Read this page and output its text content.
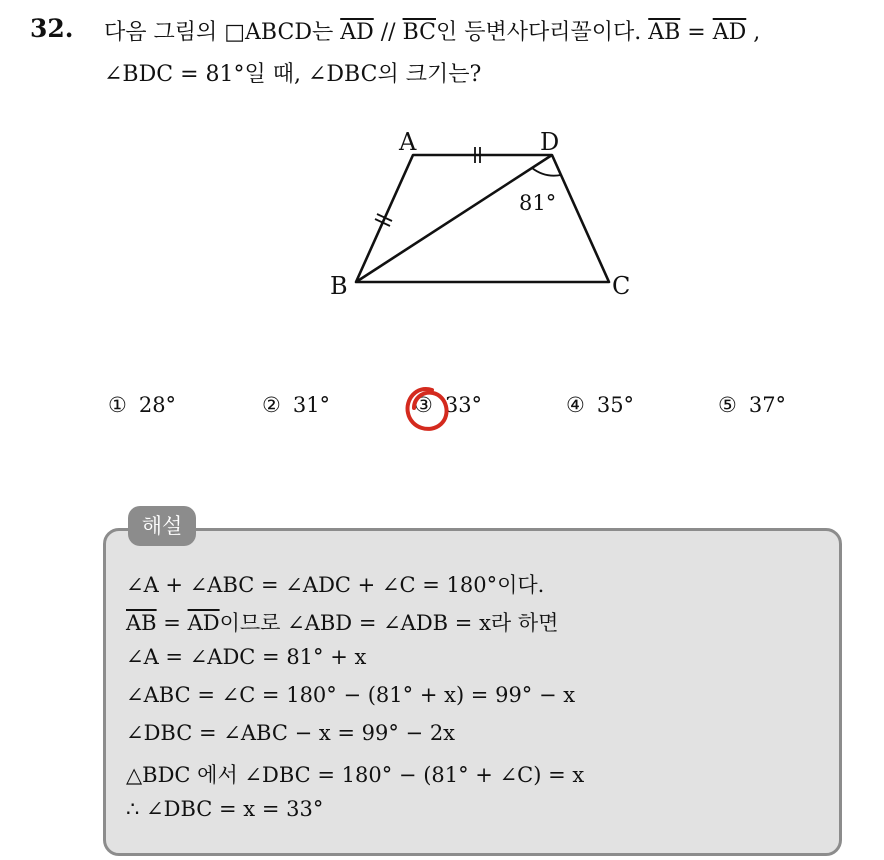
32. 다음 그림의 □ABCD는 $\overline{AD} // \overline{BC}$인 등변사다리꼴이다. $\overline{AB} = \overline{AD}$ ,
∠BDC = 81°일 때, ∠DBC의 크기는?
A	D
B	C
81°
① 28°	② 31°	③ 33°	④ 35°	⑤ 37°
해설
∠A + ∠ABC = ∠ADC + ∠C = 180°이다.
$\overline{AB} = \overline{AD}$이므로 ∠ABD = ∠ADB = x라 하면
∠A = ∠ADC = 81° + x
∠ABC = ∠C = 180° − (81° + x) = 99° − x
∠DBC = ∠ABC − x = 99° − 2x
△BDC 에서 ∠DBC = 180° − (81° + ∠C) = x
∴ ∠DBC = x = 33°
